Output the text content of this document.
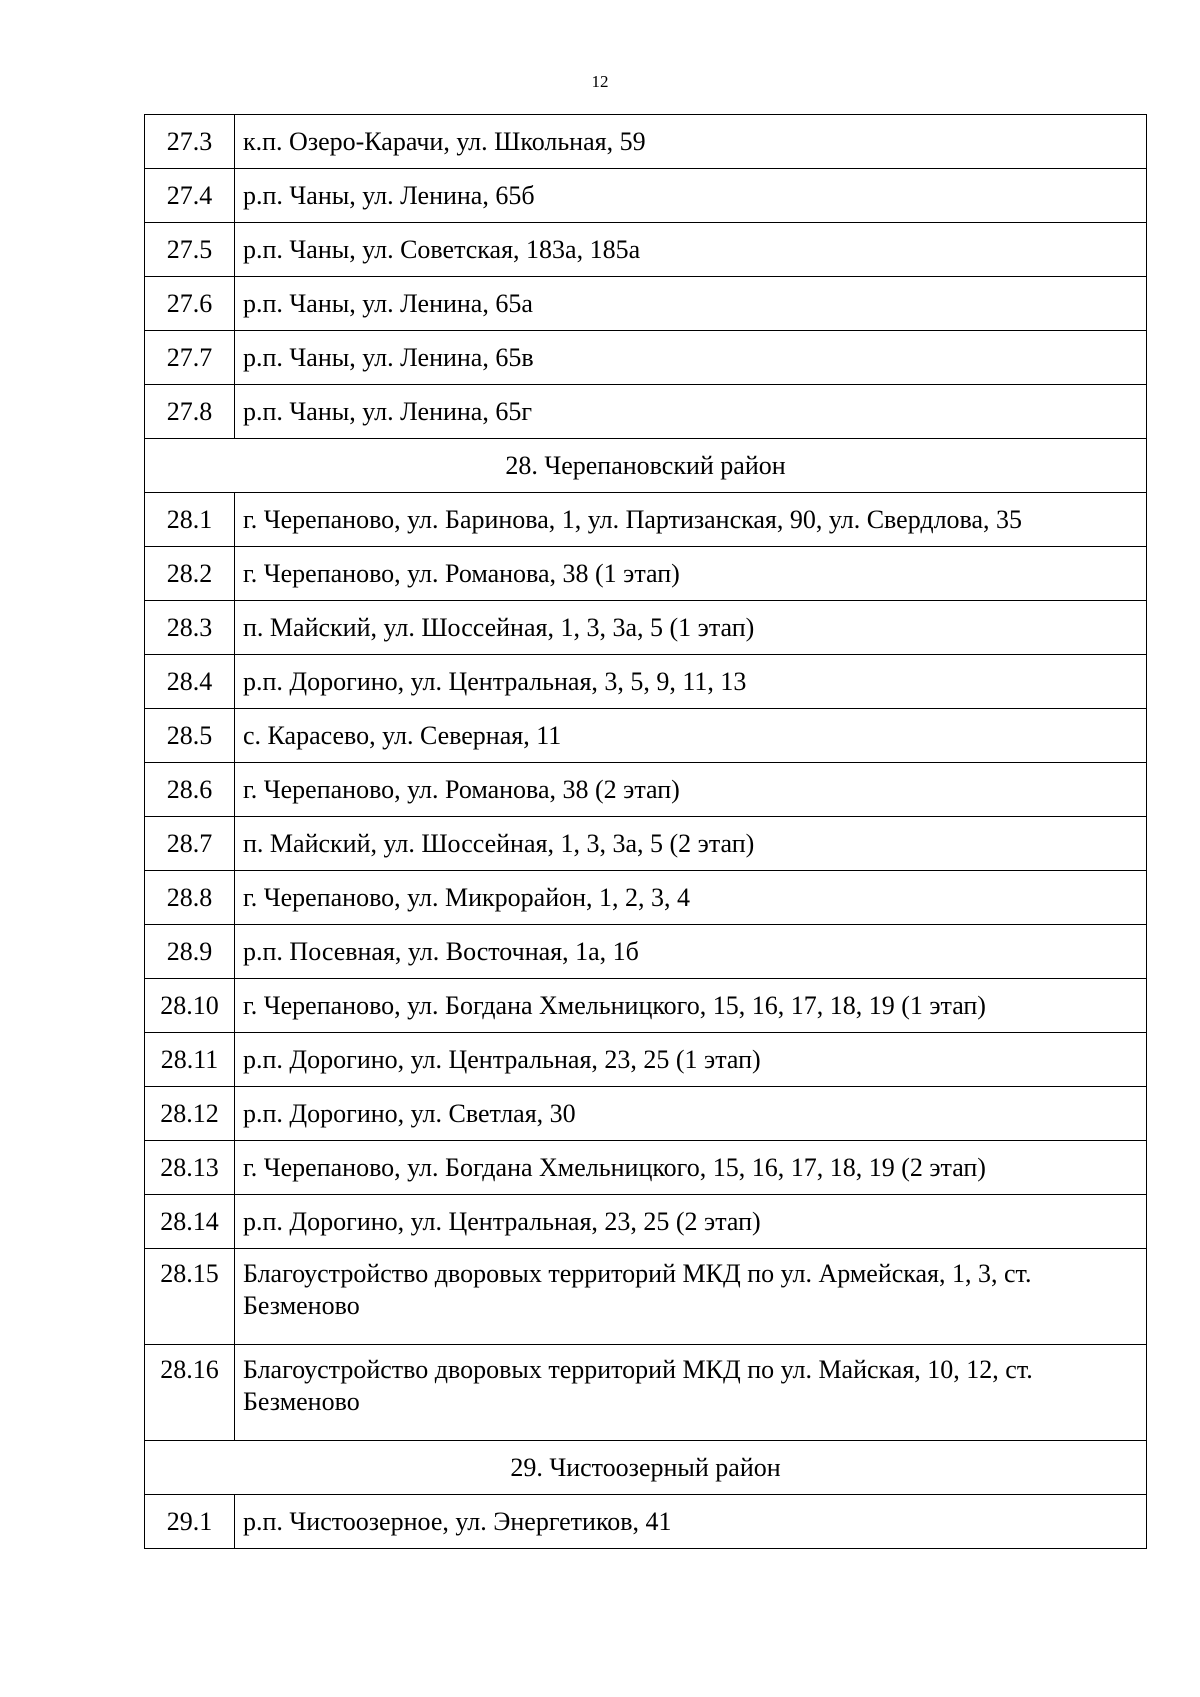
12
27.3	к.п. Озеро-Карачи, ул. Школьная, 59
27.4	р.п. Чаны, ул. Ленина, 65б
27.5	р.п. Чаны, ул. Советская, 183а, 185а
27.6	р.п. Чаны, ул. Ленина, 65а
27.7	р.п. Чаны, ул. Ленина, 65в
27.8	р.п. Чаны, ул. Ленина, 65г
28. Черепановский район	
28.1	г. Черепаново, ул. Баринова, 1, ул. Партизанская, 90, ул. Свердлова, 35
28.2	г. Черепаново, ул. Романова, 38 (1 этап)
28.3	п. Майский, ул. Шоссейная, 1, 3, 3а, 5 (1 этап)
28.4	р.п. Дорогино, ул. Центральная, 3, 5, 9, 11, 13
28.5	с. Карасево, ул. Северная, 11
28.6	г. Черепаново, ул. Романова, 38 (2 этап)
28.7	п. Майский, ул. Шоссейная, 1, 3, 3а, 5 (2 этап)
28.8	г. Черепаново, ул. Микрорайон, 1, 2, 3, 4
28.9	р.п. Посевная, ул. Восточная, 1а, 1б
28.10	г. Черепаново, ул. Богдана Хмельницкого, 15, 16, 17, 18, 19 (1 этап)
28.11	р.п. Дорогино, ул. Центральная, 23, 25 (1 этап)
28.12	р.п. Дорогино, ул. Светлая, 30
28.13	г. Черепаново, ул. Богдана Хмельницкого, 15, 16, 17, 18, 19 (2 этап)
28.14	р.п. Дорогино, ул. Центральная, 23, 25 (2 этап)
28.15	Благоустройство дворовых территорий МКД по ул. Армейская, 1, 3, ст. Безменово
28.16	Благоустройство дворовых территорий МКД по ул. Майская, 10, 12, ст. Безменово
29. Чистоозерный район	
29.1	р.п. Чистоозерное, ул. Энергетиков, 41
